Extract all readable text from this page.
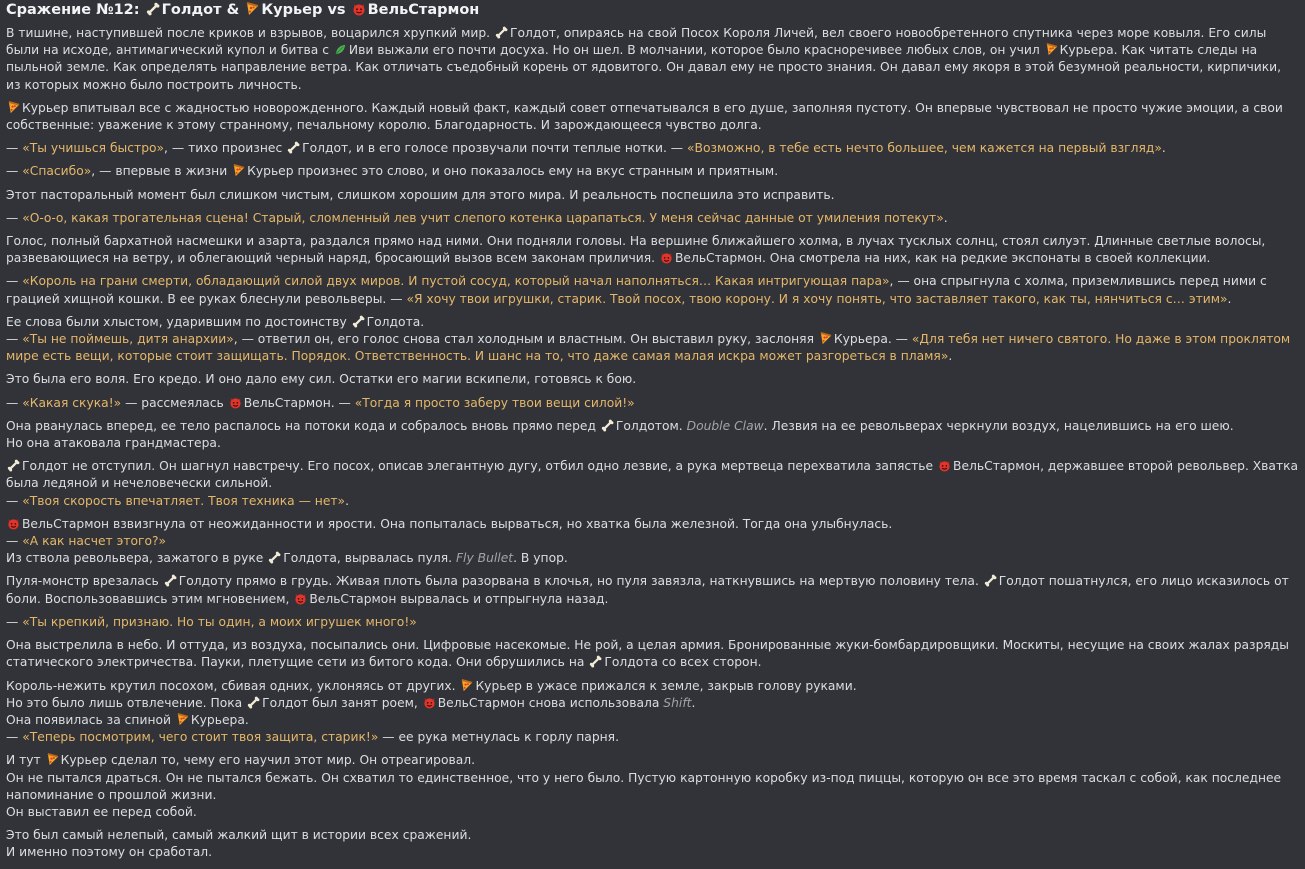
Сражение №12: Голдот & Курьер vs ВельСтармон
В тишине, наступившей после криков и взрывов, воцарился хрупкий мир.
Голдот, опираясь на свой Посох Короля Личей, вел своего новообретенного спутника через море ковыля. Его силы были на исходе, антимагический купол и битва с
Иви выжали его почти досуха. Но он шел. В молчании, которое было красноречивее любых слов, он учил
Курьера. Как читать следы на пыльной земле. Как определять направление ветра. Как отличать съедобный корень от ядовитого. Он давал ему не просто знания. Он давал ему якоря в этой безумной реальности, кирпичики, из которых можно было построить личность.
Курьер впитывал все с жадностью новорожденного. Каждый новый факт, каждый совет отпечатывался в его душе, заполняя пустоту. Он впервые чувствовал не просто чужие эмоции, а свои собственные: уважение к этому странному, печальному королю. Благодарность. И зарождающееся чувство долга.
— «Ты учишься быстро», — тихо произнес
Голдот, и в его голосе прозвучали почти теплые нотки. — «Возможно, в тебе есть нечто большее, чем кажется на первый взгляд».
— «Спасибо», — впервые в жизни
Курьер произнес это слово, и оно показалось ему на вкус странным и приятным.
Этот пасторальный момент был слишком чистым, слишком хорошим для этого мира. И реальность поспешила это исправить.
— «О-о-о, какая трогательная сцена! Старый, сломленный лев учит слепого котенка царапаться. У меня сейчас данные от умиления потекут».
Голос, полный бархатной насмешки и азарта, раздался прямо над ними. Они подняли головы. На вершине ближайшего холма, в лучах тусклых солнц, стоял силуэт. Длинные светлые волосы, развевающиеся на ветру, и облегающий черный наряд, бросающий вызов всем законам приличия.
ВельСтармон. Она смотрела на них, как на редкие экспонаты в своей коллекции.
— «Король на грани смерти, обладающий силой двух миров. И пустой сосуд, который начал наполняться… Какая интригующая пара», — она спрыгнула с холма, приземлившись перед ними с грацией хищной кошки. В ее руках блеснули револьверы. — «Я хочу твои игрушки, старик. Твой посох, твою корону. И я хочу понять, что заставляет такого, как ты, нянчиться с… этим».
Ее слова были хлыстом, ударившим по достоинству
Голдота.
— «Ты не поймешь, дитя анархии», — ответил он, его голос снова стал холодным и властным. Он выставил руку, заслоняя
Курьера. — «Для тебя нет ничего святого. Но даже в этом проклятом мире есть вещи, которые стоит защищать. Порядок. Ответственность. И шанс на то, что даже самая малая искра может разгореться в пламя».
Это была его воля. Его кредо. И оно дало ему сил. Остатки его магии вскипели, готовясь к бою.
— «Какая скука!» — рассмеялась
ВельСтармон. — «Тогда я просто заберу твои вещи силой!»
Она рванулась вперед, ее тело распалось на потоки кода и собралось вновь прямо перед
Голдотом. Double Claw. Лезвия на ее револьверах черкнули воздух, нацелившись на его шею.
Но она атаковала грандмастера.
Голдот не отступил. Он шагнул навстречу. Его посох, описав элегантную дугу, отбил одно лезвие, а рука мертвеца перехватила запястье
ВельСтармон, державшее второй револьвер. Хватка была ледяной и нечеловечески сильной.
— «Твоя скорость впечатляет. Твоя техника — нет».
ВельСтармон взвизгнула от неожиданности и ярости. Она попыталась вырваться, но хватка была железной. Тогда она улыбнулась.
— «А как насчет этого?»
Из ствола револьвера, зажатого в руке
Голдота, вырвалась пуля. Fly Bullet. В упор.
Пуля-монстр врезалась
Голдоту прямо в грудь. Живая плоть была разорвана в клочья, но пуля завязла, наткнувшись на мертвую половину тела.
Голдот пошатнулся, его лицо исказилось от боли. Воспользовавшись этим мгновением,
ВельСтармон вырвалась и отпрыгнула назад.
— «Ты крепкий, признаю. Но ты один, а моих игрушек много!»
Она выстрелила в небо. И оттуда, из воздуха, посыпались они. Цифровые насекомые. Не рой, а целая армия. Бронированные жуки-бомбардировщики. Москиты, несущие на своих жалах разряды статического электричества. Пауки, плетущие сети из битого кода. Они обрушились на
Голдота со всех сторон.
Король-нежить крутил посохом, сбивая одних, уклоняясь от других.
Курьер в ужасе прижался к земле, закрыв голову руками.
Но это было лишь отвлечение. Пока
Голдот был занят роем,
ВельСтармон снова использовала Shift.
Она появилась за спиной
Курьера.
— «Теперь посмотрим, чего стоит твоя защита, старик!» — ее рука метнулась к горлу парня.
И тут
Курьер сделал то, чему его научил этот мир. Он отреагировал.
Он не пытался драться. Он не пытался бежать. Он схватил то единственное, что у него было. Пустую картонную коробку из-под пиццы, которую он все это время таскал с собой, как последнее напоминание о прошлой жизни.
Он выставил ее перед собой.
Это был самый нелепый, самый жалкий щит в истории всех сражений.
И именно поэтому он сработал.
